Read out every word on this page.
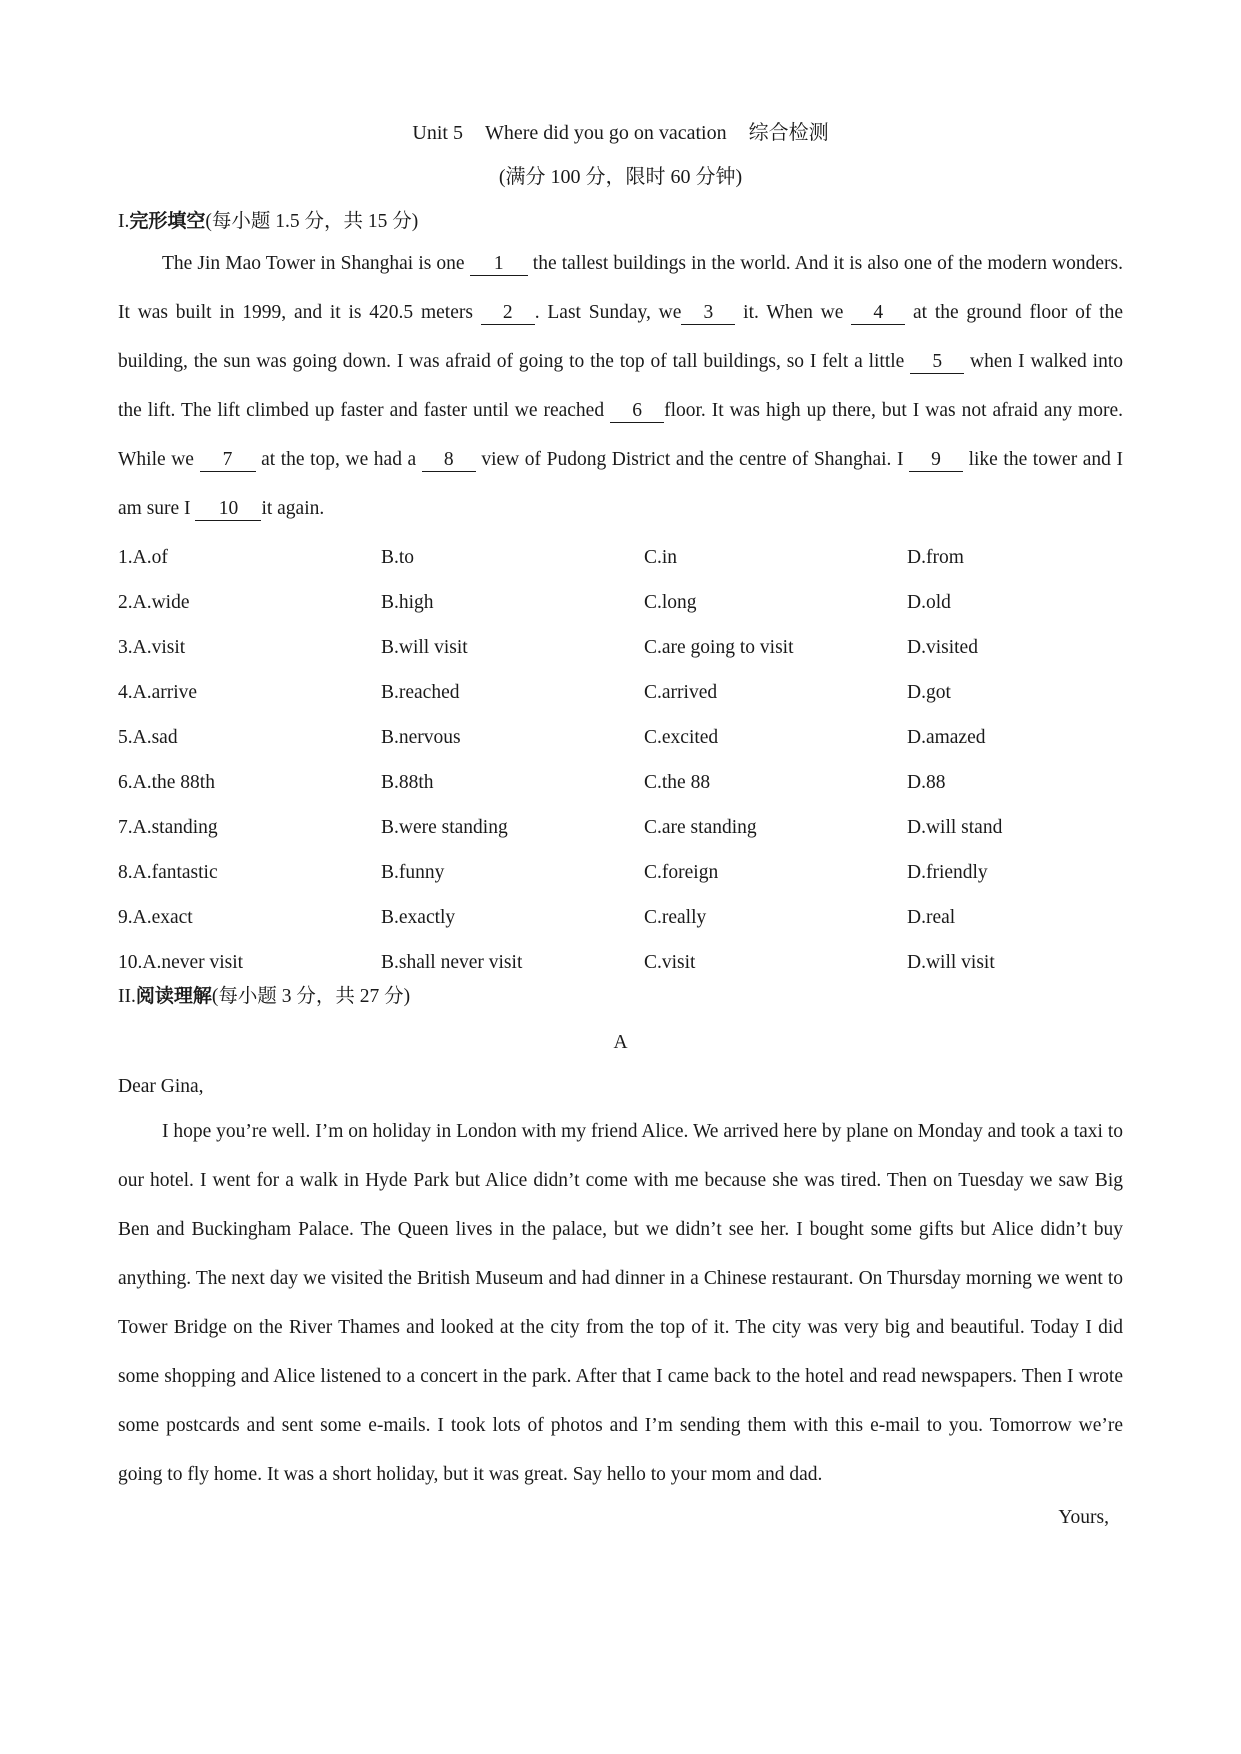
Unit 5 Where did you go on vacation 综合检测
(满分 100 分，限时 60 分钟)
I.完形填空(每小题 1.5 分，共 15 分)
The Jin Mao Tower in Shanghai is one 1 the tallest buildings in the world. And it is also one of the modern wonders. It was built in 1999, and it is 420.5 meters 2 . Last Sunday, we 3 it. When we 4 at the ground floor of the building, the sun was going down. I was afraid of going to the top of tall buildings, so I felt a little 5 when I walked into the lift. The lift climbed up faster and faster until we reached 6 floor. It was high up there, but I was not afraid any more. While we 7 at the top, we had a 8 view of Pudong District and the centre of Shanghai. I 9 like the tower and I am sure I 10 it again.
1.A.of	B.to	C.in	D.from
2.A.wide	B.high	C.long	D.old
3.A.visit	B.will visit	C.are going to visit	D.visited
4.A.arrive	B.reached	C.arrived	D.got
5.A.sad	B.nervous	C.excited	D.amazed
6.A.the 88th	B.88th	C.the 88	D.88
7.A.standing	B.were standing	C.are standing	D.will stand
8.A.fantastic	B.funny	C.foreign	D.friendly
9.A.exact	B.exactly	C.really	D.real
10.A.never visit	B.shall never visit	C.visit	D.will visit
II.阅读理解(每小题 3 分，共 27 分)
A
Dear Gina,
I hope you’re well. I’m on holiday in London with my friend Alice. We arrived here by plane on Monday and took a taxi to our hotel. I went for a walk in Hyde Park but Alice didn’t come with me because she was tired. Then on Tuesday we saw Big Ben and Buckingham Palace. The Queen lives in the palace, but we didn’t see her. I bought some gifts but Alice didn’t buy anything. The next day we visited the British Museum and had dinner in a Chinese restaurant. On Thursday morning we went to Tower Bridge on the River Thames and looked at the city from the top of it. The city was very big and beautiful. Today I did some shopping and Alice listened to a concert in the park. After that I came back to the hotel and read newspapers. Then I wrote some postcards and sent some e-mails. I took lots of photos and I’m sending them with this e-mail to you. Tomorrow we’re going to fly home. It was a short holiday, but it was great. Say hello to your mom and dad.
Yours,
